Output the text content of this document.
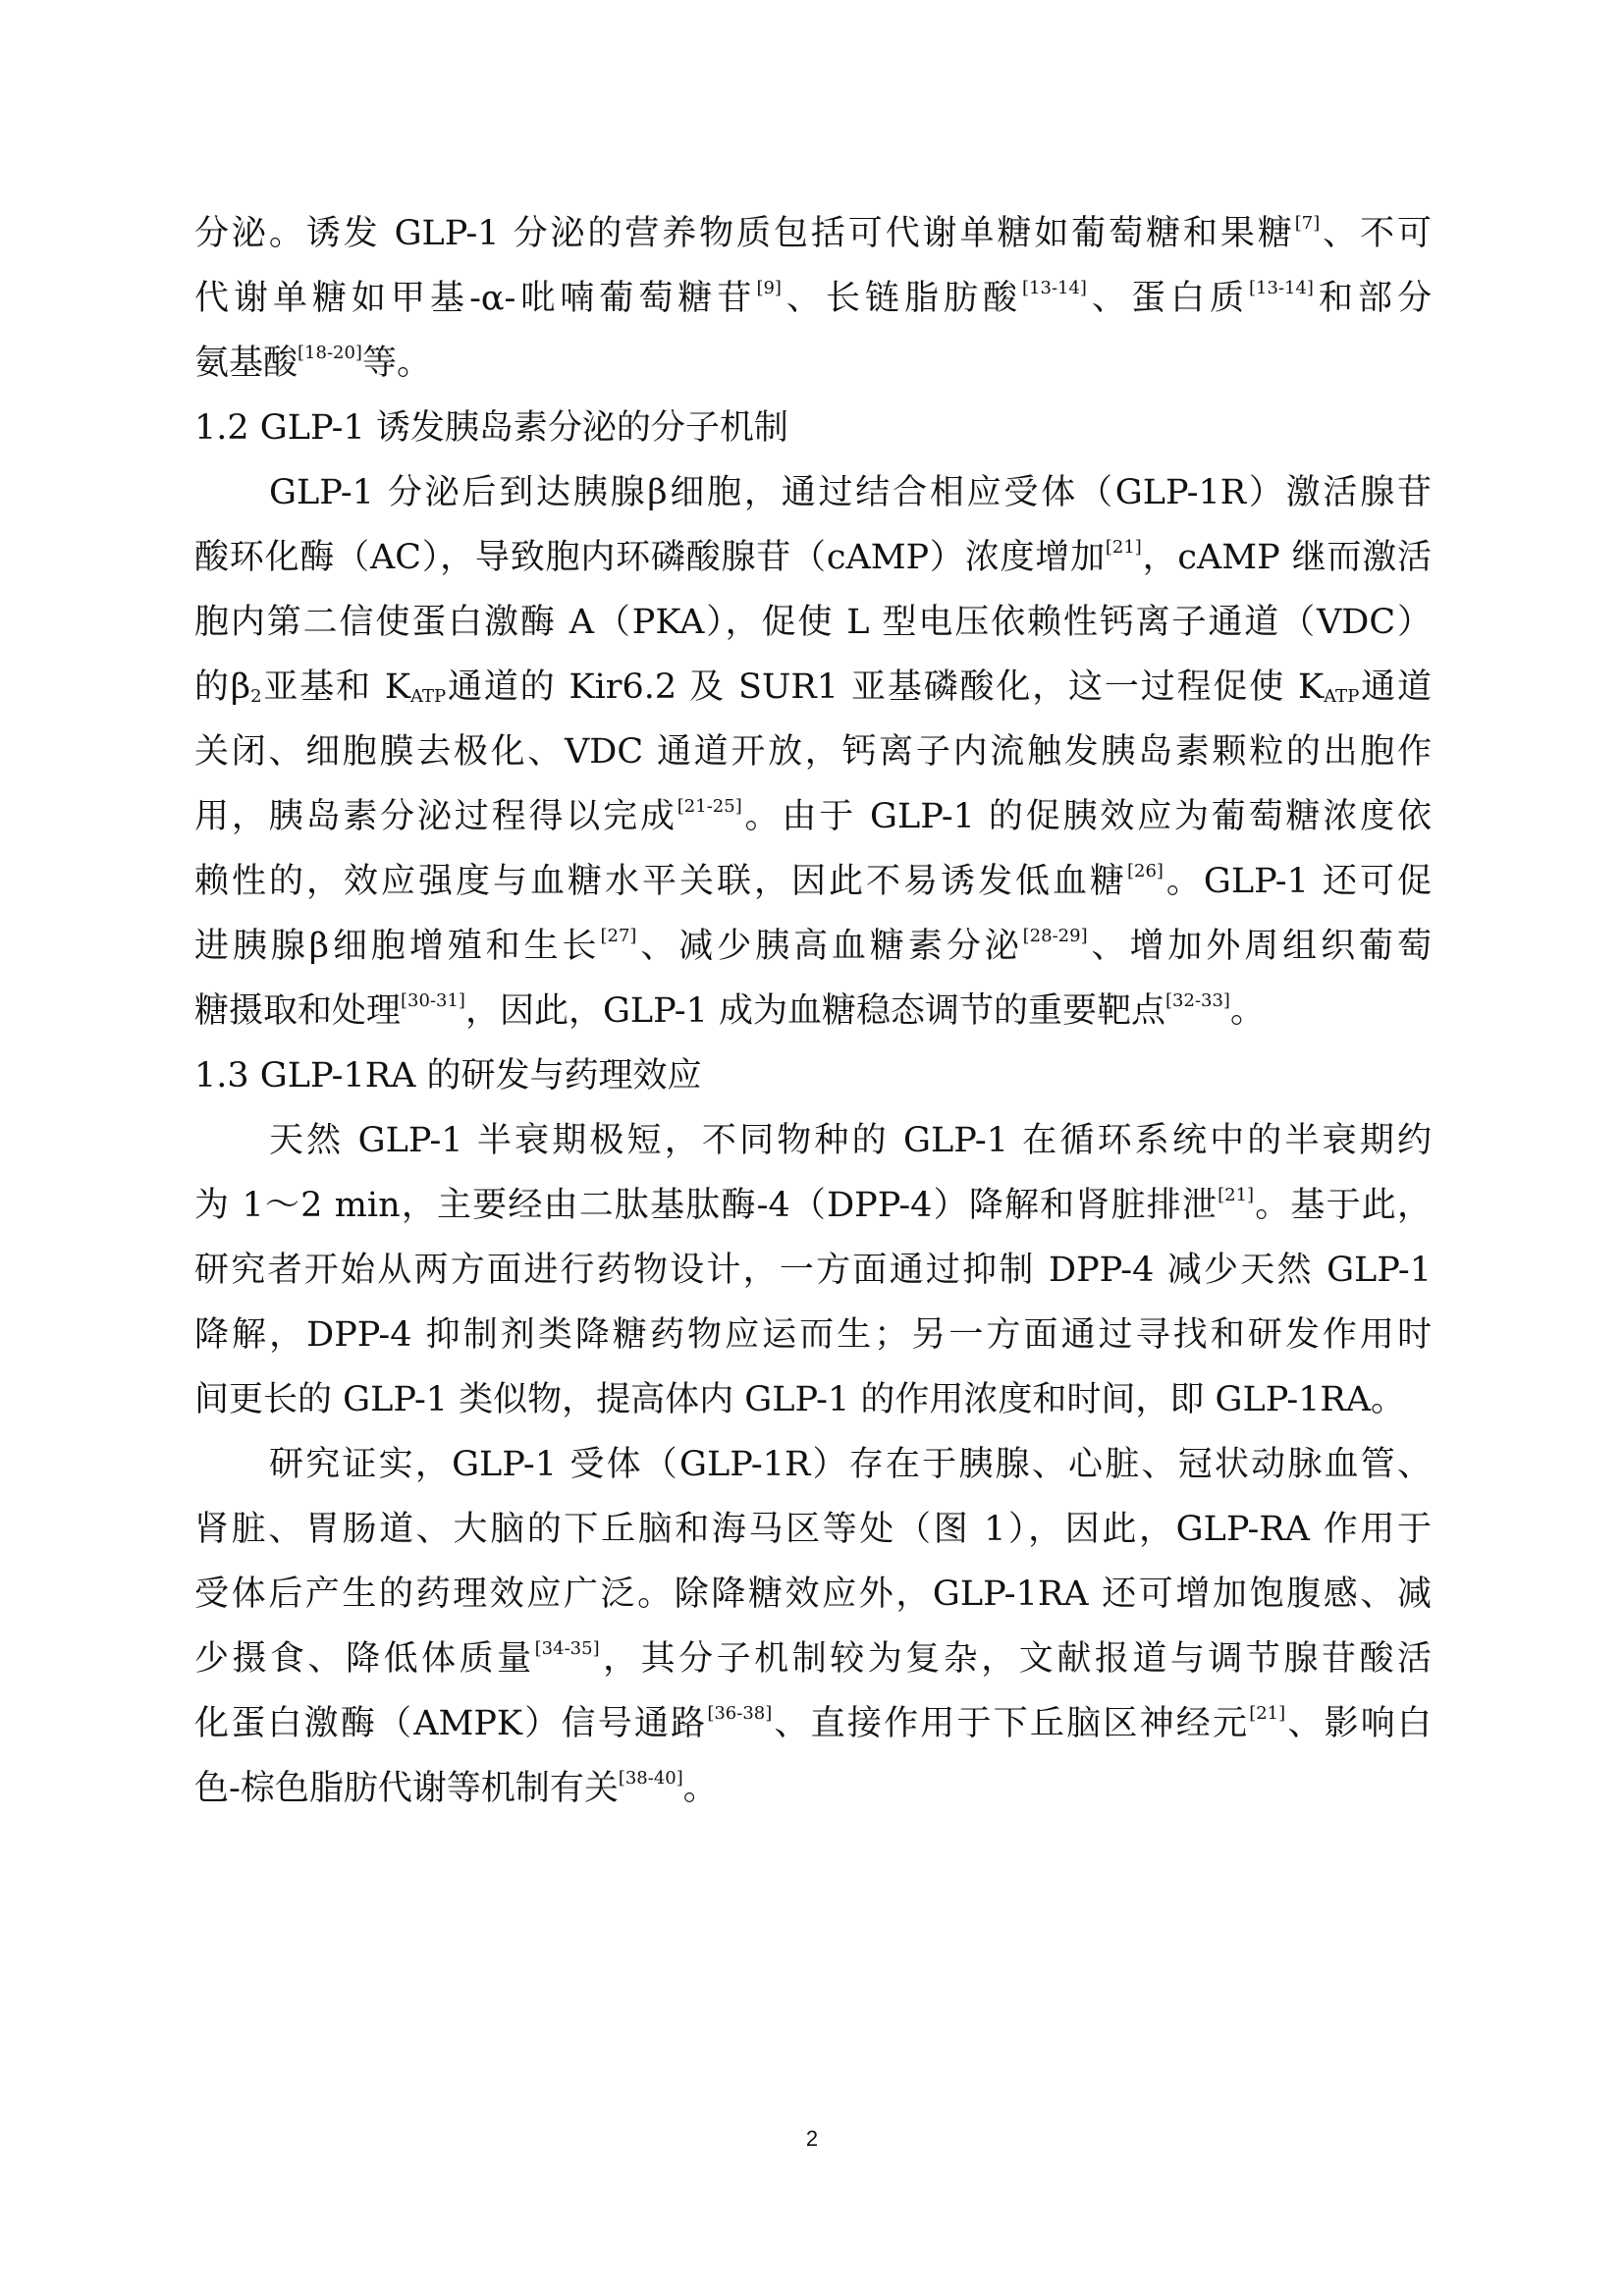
分泌。诱发 GLP-1 分泌的营养物质包括可代谢单糖如葡萄糖和果糖[7]、不可
代谢单糖如甲基-α-吡喃葡萄糖苷[9]、长链脂肪酸[13-14]、蛋白质[13-14]和部分
氨基酸[18-20]等。
1.2 GLP-1 诱发胰岛素分泌的分子机制
GLP-1 分泌后到达胰腺β细胞，通过结合相应受体（GLP-1R）激活腺苷
酸环化酶（AC），导致胞内环磷酸腺苷（cAMP）浓度增加[21]，cAMP 继而激活
胞内第二信使蛋白激酶 A（PKA），促使 L 型电压依赖性钙离子通道（VDC）
的$\beta_2$亚基和 $K_{ATP}$通道的 Kir6.2 及 SUR1 亚基磷酸化，这一过程促使 $K_{ATP}$通道
关闭、细胞膜去极化、VDC 通道开放，钙离子内流触发胰岛素颗粒的出胞作
用，胰岛素分泌过程得以完成[21-25]。由于 GLP-1 的促胰效应为葡萄糖浓度依
赖性的，效应强度与血糖水平关联，因此不易诱发低血糖[26]。GLP-1 还可促
进胰腺β细胞增殖和生长[27]、减少胰高血糖素分泌[28-29]、增加外周组织葡萄
糖摄取和处理[30-31]，因此，GLP-1 成为血糖稳态调节的重要靶点[32-33]。
1.3 GLP-1RA 的研发与药理效应
天然 GLP-1 半衰期极短，不同物种的 GLP-1 在循环系统中的半衰期约
为 1～2 min，主要经由二肽基肽酶-4（DPP-4）降解和肾脏排泄[21]。基于此，
研究者开始从两方面进行药物设计，一方面通过抑制 DPP-4 减少天然 GLP-1
降解，DPP-4 抑制剂类降糖药物应运而生；另一方面通过寻找和研发作用时
间更长的 GLP-1 类似物，提高体内 GLP-1 的作用浓度和时间，即 GLP-1RA。
研究证实，GLP-1 受体（GLP-1R）存在于胰腺、心脏、冠状动脉血管、
肾脏、胃肠道、大脑的下丘脑和海马区等处（图 1），因此，GLP-RA 作用于
受体后产生的药理效应广泛。除降糖效应外，GLP-1RA 还可增加饱腹感、减
少摄食、降低体质量[34-35]，其分子机制较为复杂，文献报道与调节腺苷酸活
化蛋白激酶（AMPK）信号通路[36-38]、直接作用于下丘脑区神经元[21]、影响白
色-棕色脂肪代谢等机制有关[38-40]。
2
